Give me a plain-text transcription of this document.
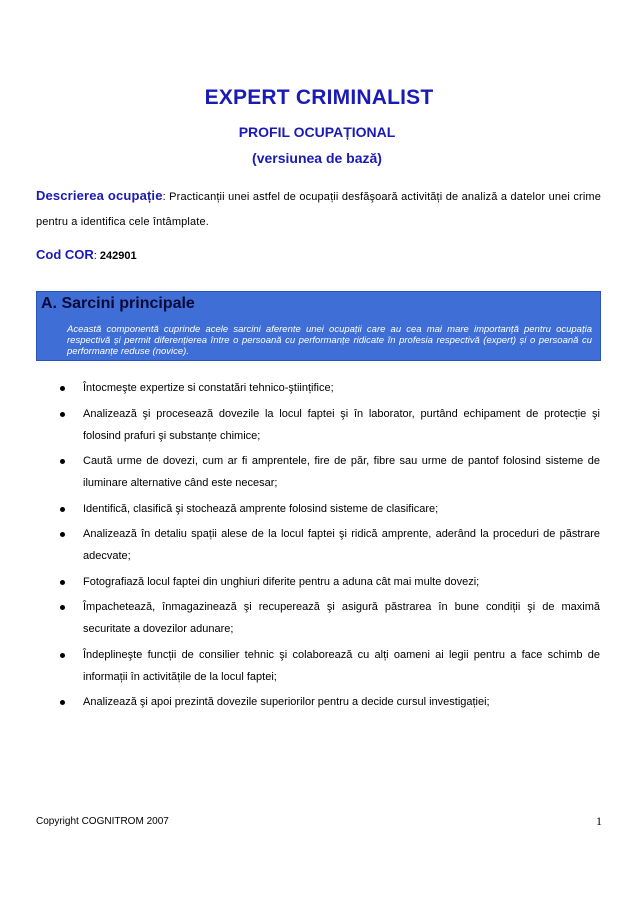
EXPERT CRIMINALIST
PROFIL OCUPAȚIONAL
(versiunea de bază)
Descrierea ocupație: Practicanții unei astfel de ocupații desfăşoară activități de analiză a datelor unei crime pentru a identifica cele întâmplate.
Cod COR: 242901
A. Sarcini principale
Această componentă cuprinde acele sarcini aferente unei ocupații care au cea mai mare importanță pentru ocupația respectivă și permit diferențierea între o persoană cu performanțe ridicate în profesia respectivă (expert) și o persoană cu performanțe reduse (novice).
Întocmeşte expertize si constatări tehnico-ştiințifice;
Analizează şi procesează dovezile la locul faptei şi în laborator, purtând echipament de protecție şi folosind prafuri şi substanțe chimice;
Caută urme de dovezi, cum ar fi amprentele, fire de păr, fibre sau urme de pantof folosind sisteme de iluminare alternative când este necesar;
Identifică, clasifică şi stochează amprente folosind sisteme de clasificare;
Analizează în detaliu spații alese de la locul faptei şi ridică amprente, aderând la proceduri de păstrare adecvate;
Fotografiază locul faptei din unghiuri diferite pentru a aduna cât mai multe dovezi;
Împachetează, înmagazinează şi recuperează şi asigură păstrarea în bune condiții şi de maximă securitate a dovezilor adunare;
Îndeplineşte funcții de consilier tehnic şi colaborează cu alți oameni ai legii pentru a face schimb de informații în activitățile de la locul faptei;
Analizează şi apoi prezintă dovezile superiorilor pentru a decide cursul investigației;
Copyright COGNITROM 2007	1
